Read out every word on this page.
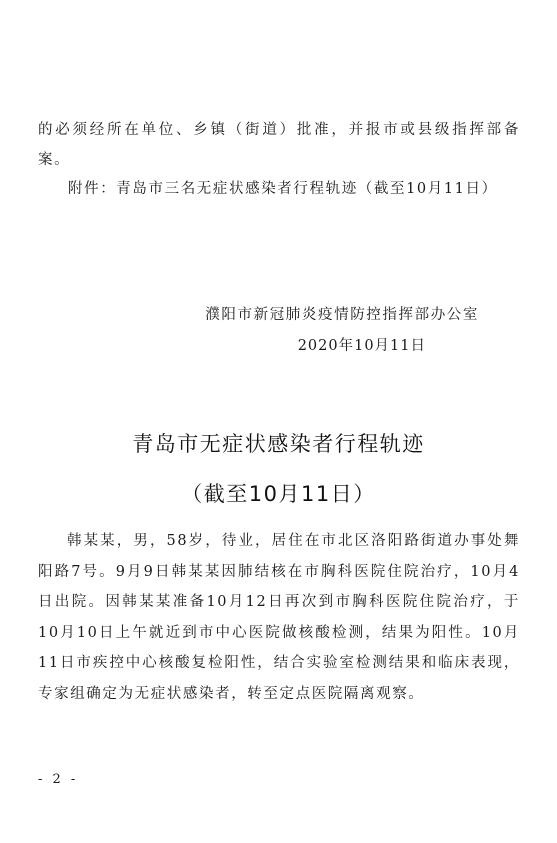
的必须经所在单位、乡镇（街道）批准，并报市或县级指挥部备案。
附件：青岛市三名无症状感染者行程轨迹（截至10月11日）
濮阳市新冠肺炎疫情防控指挥部办公室
2020年10月11日
青岛市无症状感染者行程轨迹
（截至10月11日）
韩某某，男，58岁，待业，居住在市北区洛阳路街道办事处舞阳路7号。9月9日韩某某因肺结核在市胸科医院住院治疗，10月4日出院。因韩某某准备10月12日再次到市胸科医院住院治疗，于10月10日上午就近到市中心医院做核酸检测，结果为阳性。10月11日市疾控中心核酸复检阳性，结合实验室检测结果和临床表现，专家组确定为无症状感染者，转至定点医院隔离观察。
- 2 -
